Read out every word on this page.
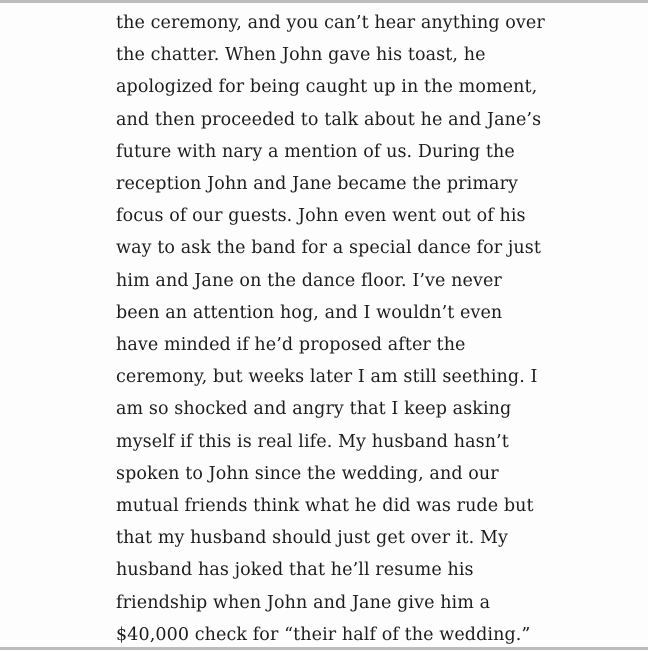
the ceremony, and you can’t hear anything over
the chatter. When John gave his toast, he
apologized for being caught up in the moment,
and then proceeded to talk about he and Jane’s
future with nary a mention of us. During the
reception John and Jane became the primary
focus of our guests. John even went out of his
way to ask the band for a special dance for just
him and Jane on the dance floor. I’ve never
been an attention hog, and I wouldn’t even
have minded if he’d proposed after the
ceremony, but weeks later I am still seething. I
am so shocked and angry that I keep asking
myself if this is real life. My husband hasn’t
spoken to John since the wedding, and our
mutual friends think what he did was rude but
that my husband should just get over it. My
husband has joked that he’ll resume his
friendship when John and Jane give him a
$40,000 check for “their half of the wedding.”
